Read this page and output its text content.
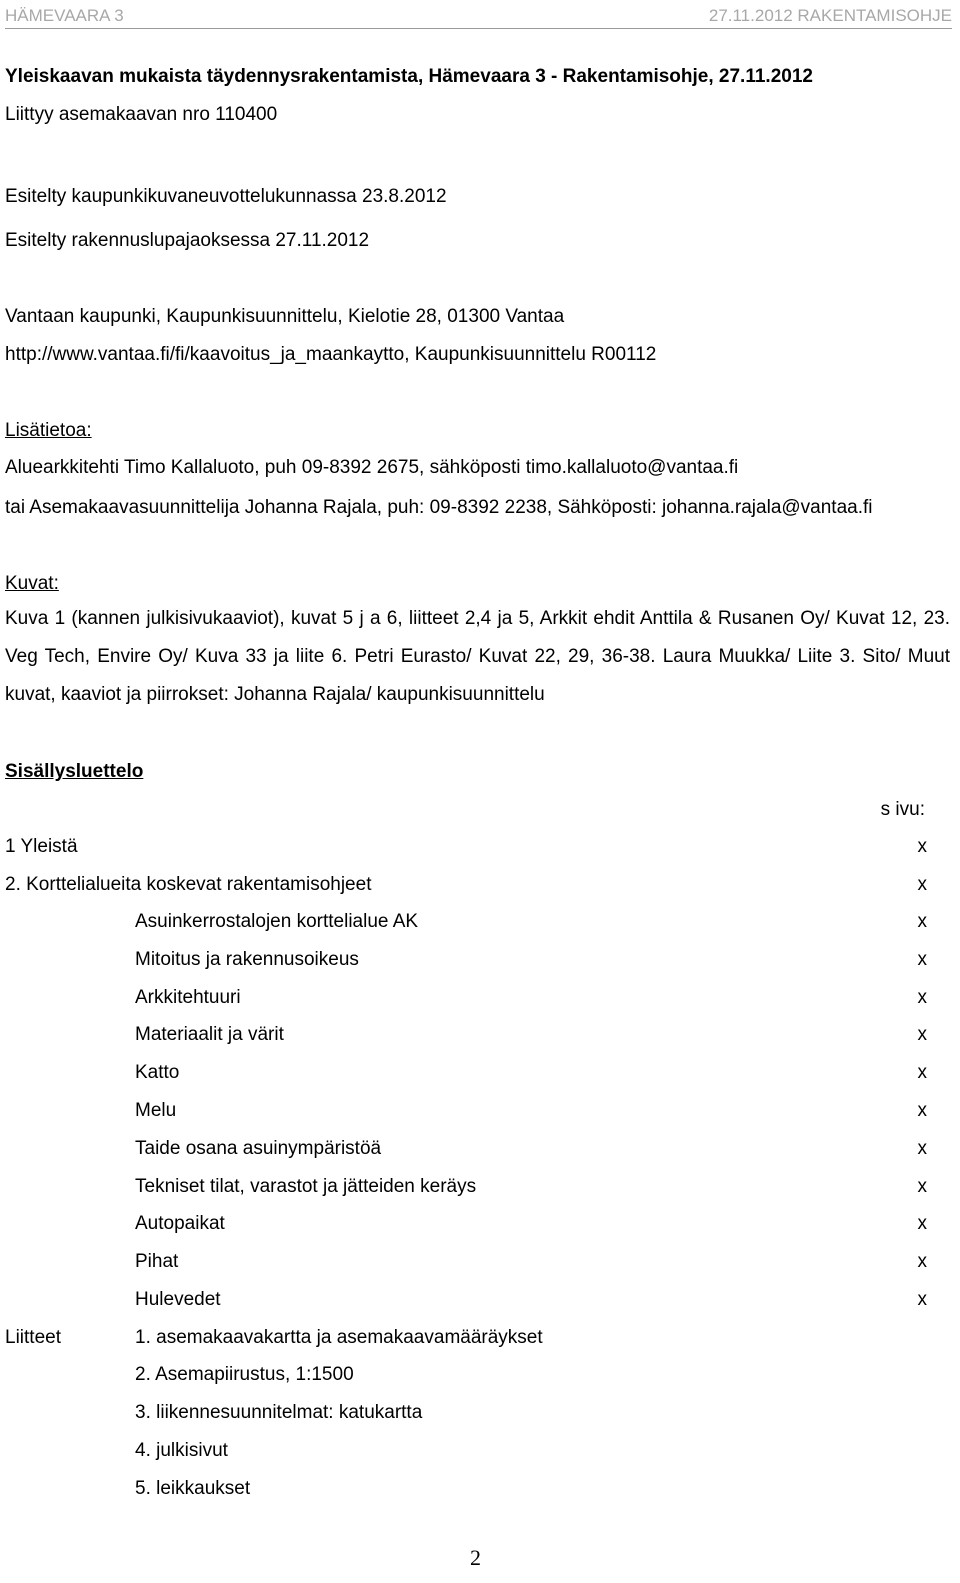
HÄMEVAARA 3	27.11.2012 RAKENTAMISOHJE
Yleiskaavan mukaista täydennysrakentamista, Hämevaara 3 - Rakentamisohje, 27.11.2012
Liittyy asemakaavan nro 110400
Esitelty kaupunkikuvaneuvottelukunnassa 23.8.2012
Esitelty rakennuslupajaoksessa 27.11.2012
Vantaan kaupunki, Kaupunkisuunnittelu, Kielotie 28, 01300 Vantaa
http://www.vantaa.fi/fi/kaavoitus_ja_maankaytto, Kaupunkisuunnittelu R00112
Lisätietoa:
Aluearkkitehti Timo Kallaluoto, puh 09-8392 2675, sähköposti timo.kallaluoto@vantaa.fi
tai Asemakaavasuunnittelija Johanna Rajala, puh: 09-8392 2238, Sähköposti: johanna.rajala@vantaa.fi
Kuvat:
Kuva 1 (kannen julkisivukaaviot), kuvat 5 j a 6, liitteet 2,4 ja 5, Arkkit ehdit Anttila & Rusanen Oy/ Kuvat 12, 23. Veg Tech, Envire Oy/ Kuva 33 ja liite 6. Petri Eurasto/ Kuvat 22, 29, 36-38. Laura Muukka/ Liite 3. Sito/ Muut kuvat, kaaviot ja piirrokset: Johanna Rajala/ kaupunkisuunnittelu
Sisällysluettelo
s ivu:
1 Yleistä	x
2. Korttelialueita koskevat rakentamisohjeet	x
Asuinkerrostalojen korttelialue AK	x
Mitoitus ja rakennusoikeus	x
Arkkitehtuuri	x
Materiaalit ja värit	x
Katto	x
Melu	x
Taide osana asuinympäristöä	x
Tekniset tilat, varastot ja jätteiden keräys	x
Autopaikat	x
Pihat	x
Hulevedet	x
Liitteet	1. asemakaavakartta ja asemakaavamääräykset
2. Asemapiirustus, 1:1500
3. liikennesuunnitelmat: katukartta
4. julkisivut
5. leikkaukset
2
